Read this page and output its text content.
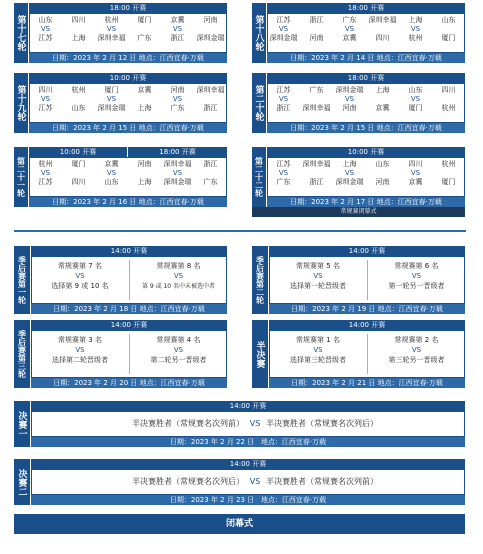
第十七轮
18:00 开赛
山东	四川	杭州	厦门	京冀	河南
VS	VS	VS
江苏	上海	深圳幸福	广东	浙江	深圳金瑞
日期：2023 年 2 月 12 日 地点：江西宜春·万载
第十八轮
18:00 开赛
江苏	浙江	广东	深圳幸福	上海	山东
VS	VS	VS
深圳金瑞	河南	京冀	四川	杭州	厦门
日期：2023 年 2 月 14 日 地点：江西宜春·万载
第十九轮
10:00 开赛
四川	杭州	厦门	京冀	河南	深圳幸福
VS	VS	VS
江苏	山东	深圳金瑞	上海	广东	浙江
日期：2023 年 2 月 15 日 地点：江西宜春·万载
第二十轮
18:00 开赛
江苏	广东	深圳金瑞	上海	山东	四川
VS	VS	VS
浙江	深圳幸福	河南	京冀	厦门	杭州
日期：2023 年 2 月 15 日 地点：江西宜春·万载
第二十一轮
10:00 开赛	18:00 开赛
杭州	厦门	京冀	河南	深圳幸福	浙江
VS	VS	VS
江苏	四川	山东	上海	深圳金瑞	广东
日期：2023 年 2 月 16 日 地点：江西宜春·万载
第二十二轮
10:00 开赛
江苏	深圳幸福	上海	山东	四川	杭州
VS	VS	VS
广东	浙江	深圳金瑞	河南	京冀	厦门
日期：2023 年 2 月 17 日 地点：江西宜春·万载
常规赛闭幕式
季后赛第一轮
14:00 开赛
常规赛第 7 名
VS
选择第 9 或 10 名
常规赛第 8 名
VS
第 9 或 10 名中未被选中者
日期：2023 年 2 月 18 日 地点：江西宜春·万载
季后赛第二轮
14:00 开赛
常规赛第 5 名
VS
选择第一轮晋级者
常规赛第 6 名
VS
第一轮另一晋级者
日期：2023 年 2 月 19 日 地点：江西宜春·万载
季后赛第三轮
14:00 开赛
常规赛第 3 名
VS
选择第二轮晋级者
常规赛第 4 名
VS
第二轮另一晋级者
日期：2023 年 2 月 20 日 地点：江西宜春·万载
半决赛
14:00 开赛
常规赛第 1 名
VS
选择第三轮晋级者
常规赛第 2 名
VS
第三轮另一晋级者
日期：2023 年 2 月 21 日 地点：江西宜春·万载
决赛一
14:00 开赛
半决赛胜者（常规赛名次列前） VS 半决赛胜者（常规赛名次列后）
日期：2023 年 2 月 22 日 地点：江西宜春·万载
决赛二
14:00 开赛
半决赛胜者（常规赛名次列后） VS 半决赛胜者（常规赛名次列前）
日期：2023 年 2 月 23 日 地点：江西宜春·万载
闭幕式
